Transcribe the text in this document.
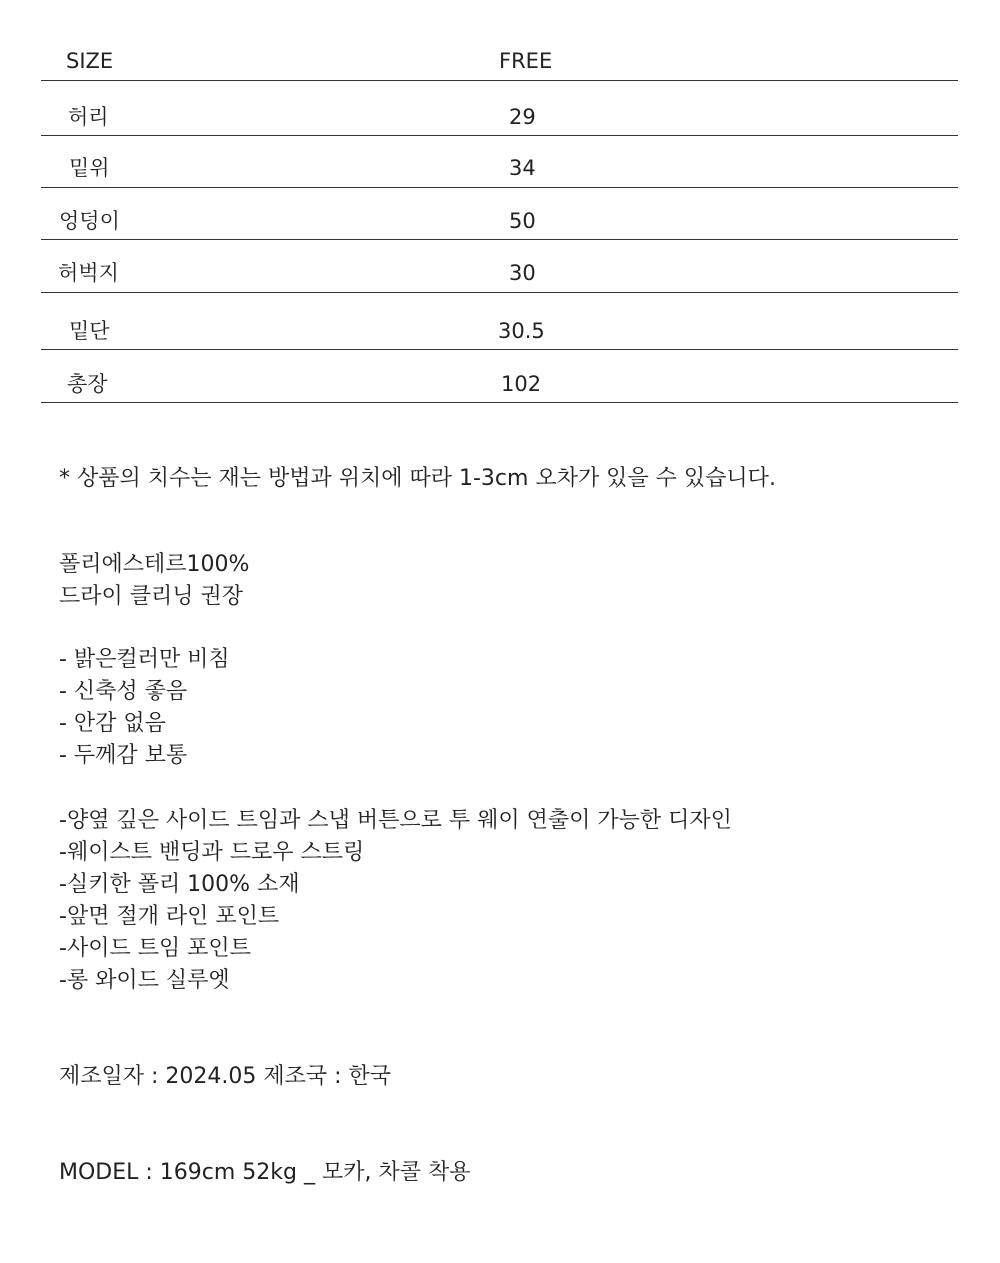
SIZE	FREE
허리	29
밑위	34
엉덩이	50
허벅지	30
밑단	30.5
총장	102

* 상품의 치수는 재는 방법과 위치에 따라 1-3cm 오차가 있을 수 있습니다.

폴리에스테르100%
드라이 클리닝 권장
- 밝은컬러만 비침
- 신축성 좋음
- 안감 없음
- 두께감 보통
-양옆 깊은 사이드 트임과 스냅 버튼으로 투 웨이 연출이 가능한 디자인
-웨이스트 밴딩과 드로우 스트링
-실키한 폴리 100% 소재
-앞면 절개 라인 포인트
-사이드 트임 포인트
-롱 와이드 실루엣

제조일자 : 2024.05 제조국 : 한국

MODEL : 169cm 52kg _ 모카, 차콜 착용
